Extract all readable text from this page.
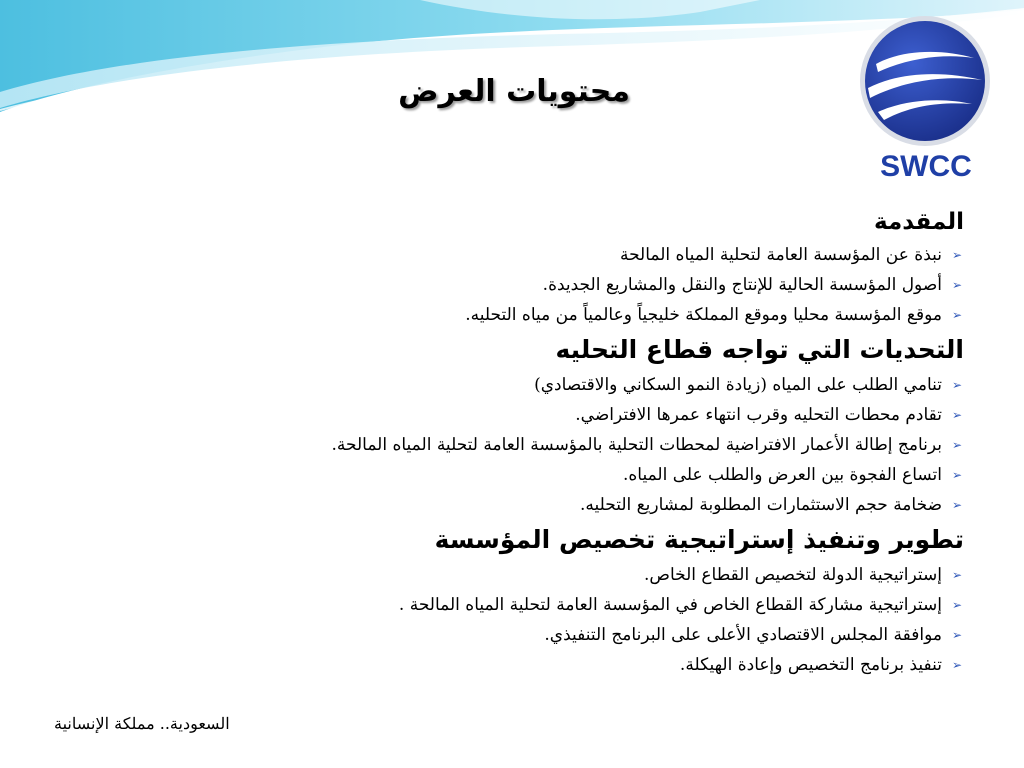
SWCC
محتويات العرض
المقدمة
➢
نبذة عن المؤسسة العامة لتحلية المياه المالحة
➢
أصول المؤسسة الحالية للإنتاج والنقل والمشاريع الجديدة.
➢
موقع المؤسسة محليا وموقع المملكة خليجياً وعالمياً من مياه التحليه.
التحديات التي تواجه قطاع التحليه
➢
تنامي الطلب على المياه (زيادة النمو السكاني والاقتصادي)
➢
تقادم محطات التحليه وقرب انتهاء عمرها الافتراضي.
➢
برنامج إطالة الأعمار الافتراضية لمحطات التحلية بالمؤسسة العامة لتحلية المياه المالحة.
➢
اتساع الفجوة بين العرض والطلب على المياه.
➢
ضخامة حجم الاستثمارات المطلوبة لمشاريع التحليه.
تطوير وتنفيذ إستراتيجية تخصيص المؤسسة
➢
إستراتيجية الدولة لتخصيص القطاع الخاص.
➢
إستراتيجية مشاركة القطاع الخاص في المؤسسة العامة لتحلية المياه المالحة .
➢
موافقة المجلس الاقتصادي الأعلى على البرنامج التنفيذي.
➢
تنفيذ برنامج التخصيص وإعادة الهيكلة.
السعودية.. مملكة الإنسانية
